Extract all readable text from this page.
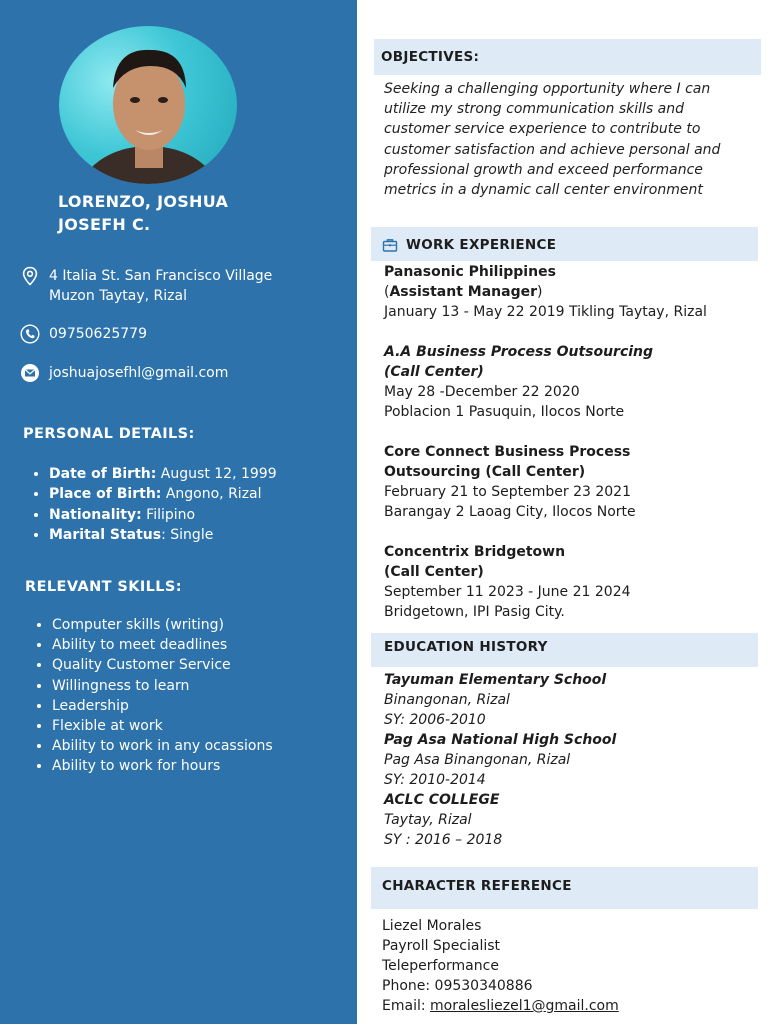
LORENZO, JOSHUA
JOSEFH C.
4 Italia St. San Francisco Village
Muzon Taytay, Rizal
09750625779
joshuajosefhl@gmail.com
PERSONAL DETAILS:
• Date of Birth: August 12, 1999
• Place of Birth: Angono, Rizal
• Nationality: Filipino
• Marital Status: Single
RELEVANT SKILLS:
• Computer skills (writing)
• Ability to meet deadlines
• Quality Customer Service
• Willingness to learn
• Leadership
• Flexible at work
• Ability to work in any ocassions
• Ability to work for hours
OBJECTIVES:
Seeking a challenging opportunity where I can utilize my strong communication skills and customer service experience to contribute to customer satisfaction and achieve personal and professional growth and exceed performance metrics in a dynamic call center environment
WORK EXPERIENCE
Panasonic Philippines
(Assistant Manager)
January 13 - May 22 2019 Tikling Taytay, Rizal
A.A Business Process Outsourcing
(Call Center)
May 28 -December 22 2020
Poblacion 1 Pasuquin, Ilocos Norte
Core Connect Business Process
Outsourcing (Call Center)
February 21 to September 23 2021
Barangay 2 Laoag City, Ilocos Norte
Concentrix Bridgetown
(Call Center)
September 11 2023 - June 21 2024
Bridgetown, IPI Pasig City.
EDUCATION HISTORY
Tayuman Elementary School
Binangonan, Rizal
SY: 2006-2010
Pag Asa National High School
Pag Asa Binangonan, Rizal
SY: 2010-2014
ACLC COLLEGE
Taytay, Rizal
SY : 2016 – 2018
CHARACTER REFERENCE
Liezel Morales
Payroll Specialist
Teleperformance
Phone: 09530340886
Email: moralesliezel1@gmail.com
